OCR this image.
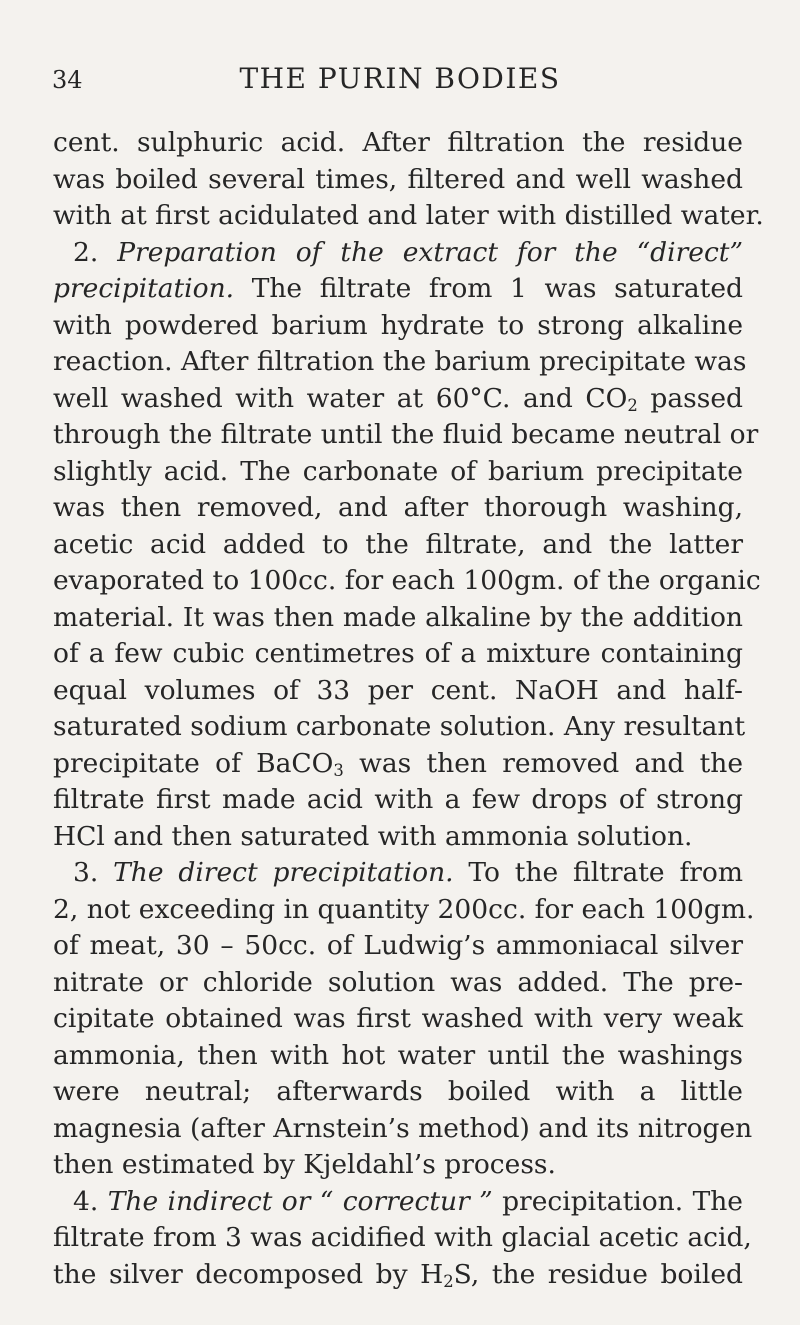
34	THE PURIN BODIES
cent. sulphuric acid. After filtration the residue
was boiled several times, filtered and well washed
with at first acidulated and later with distilled water.
2. Preparation of the extract for the “direct”
precipitation. The filtrate from 1 was saturated
with powdered barium hydrate to strong alkaline
reaction. After filtration the barium precipitate was
well washed with water at 60°C. and $CO_2$ passed
through the filtrate until the fluid became neutral or
slightly acid. The carbonate of barium precipitate
was then removed, and after thorough washing,
acetic acid added to the filtrate, and the latter
evaporated to 100cc. for each 100gm. of the organic
material. It was then made alkaline by the addition
of a few cubic centimetres of a mixture containing
equal volumes of 33 per cent. NaOH and half-
saturated sodium carbonate solution. Any resultant
precipitate of BaCO$_3$ was then removed and the
filtrate first made acid with a few drops of strong
HCl and then saturated with ammonia solution.
3. The direct precipitation. To the filtrate from
2, not exceeding in quantity 200cc. for each 100gm.
of meat, 30 – 50cc. of Ludwig’s ammoniacal silver
nitrate or chloride solution was added. The pre-
cipitate obtained was first washed with very weak
ammonia, then with hot water until the washings
were neutral; afterwards boiled with a little
magnesia (after Arnstein’s method) and its nitrogen
then estimated by Kjeldahl’s process.
4. The indirect or “ correctur ” precipitation. The
filtrate from 3 was acidified with glacial acetic acid,
the silver decomposed by $H_2S$, the residue boiled
